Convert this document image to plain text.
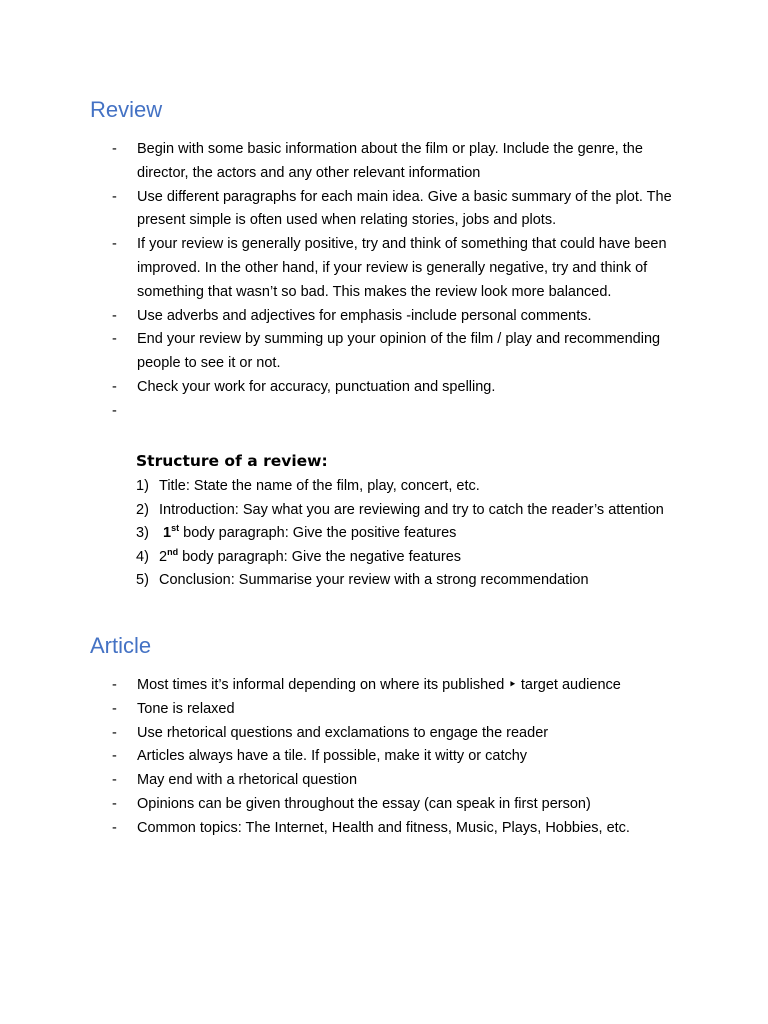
Review
- Begin with some basic information about the film or play. Include the genre, the director, the actors and any other relevant information
- Use different paragraphs for each main idea. Give a basic summary of the plot. The present simple is often used when relating stories, jobs and plots.
- If your review is generally positive, try and think of something that could have been improved. In the other hand, if your review is generally negative, try and think of something that wasn’t so bad. This makes the review look more balanced.
- Use adverbs and adjectives for emphasis -include personal comments.
- End your review by summing up your opinion of the film / play and recommending people to see it or not.
- Check your work for accuracy, punctuation and spelling.
-

Structure of a review:
1) Title: State the name of the film, play, concert, etc.
2) Introduction: Say what you are reviewing and try to catch the reader’s attention
3) 1st body paragraph: Give the positive features
4) 2nd body paragraph: Give the negative features
5) Conclusion: Summarise your review with a strong recommendation
Article
- Most times it’s informal depending on where its published ‣ target audience
- Tone is relaxed
- Use rhetorical questions and exclamations to engage the reader
- Articles always have a tile. If possible, make it witty or catchy
- May end with a rhetorical question
- Opinions can be given throughout the essay (can speak in first person)
- Common topics: The Internet, Health and fitness, Music, Plays, Hobbies, etc.
